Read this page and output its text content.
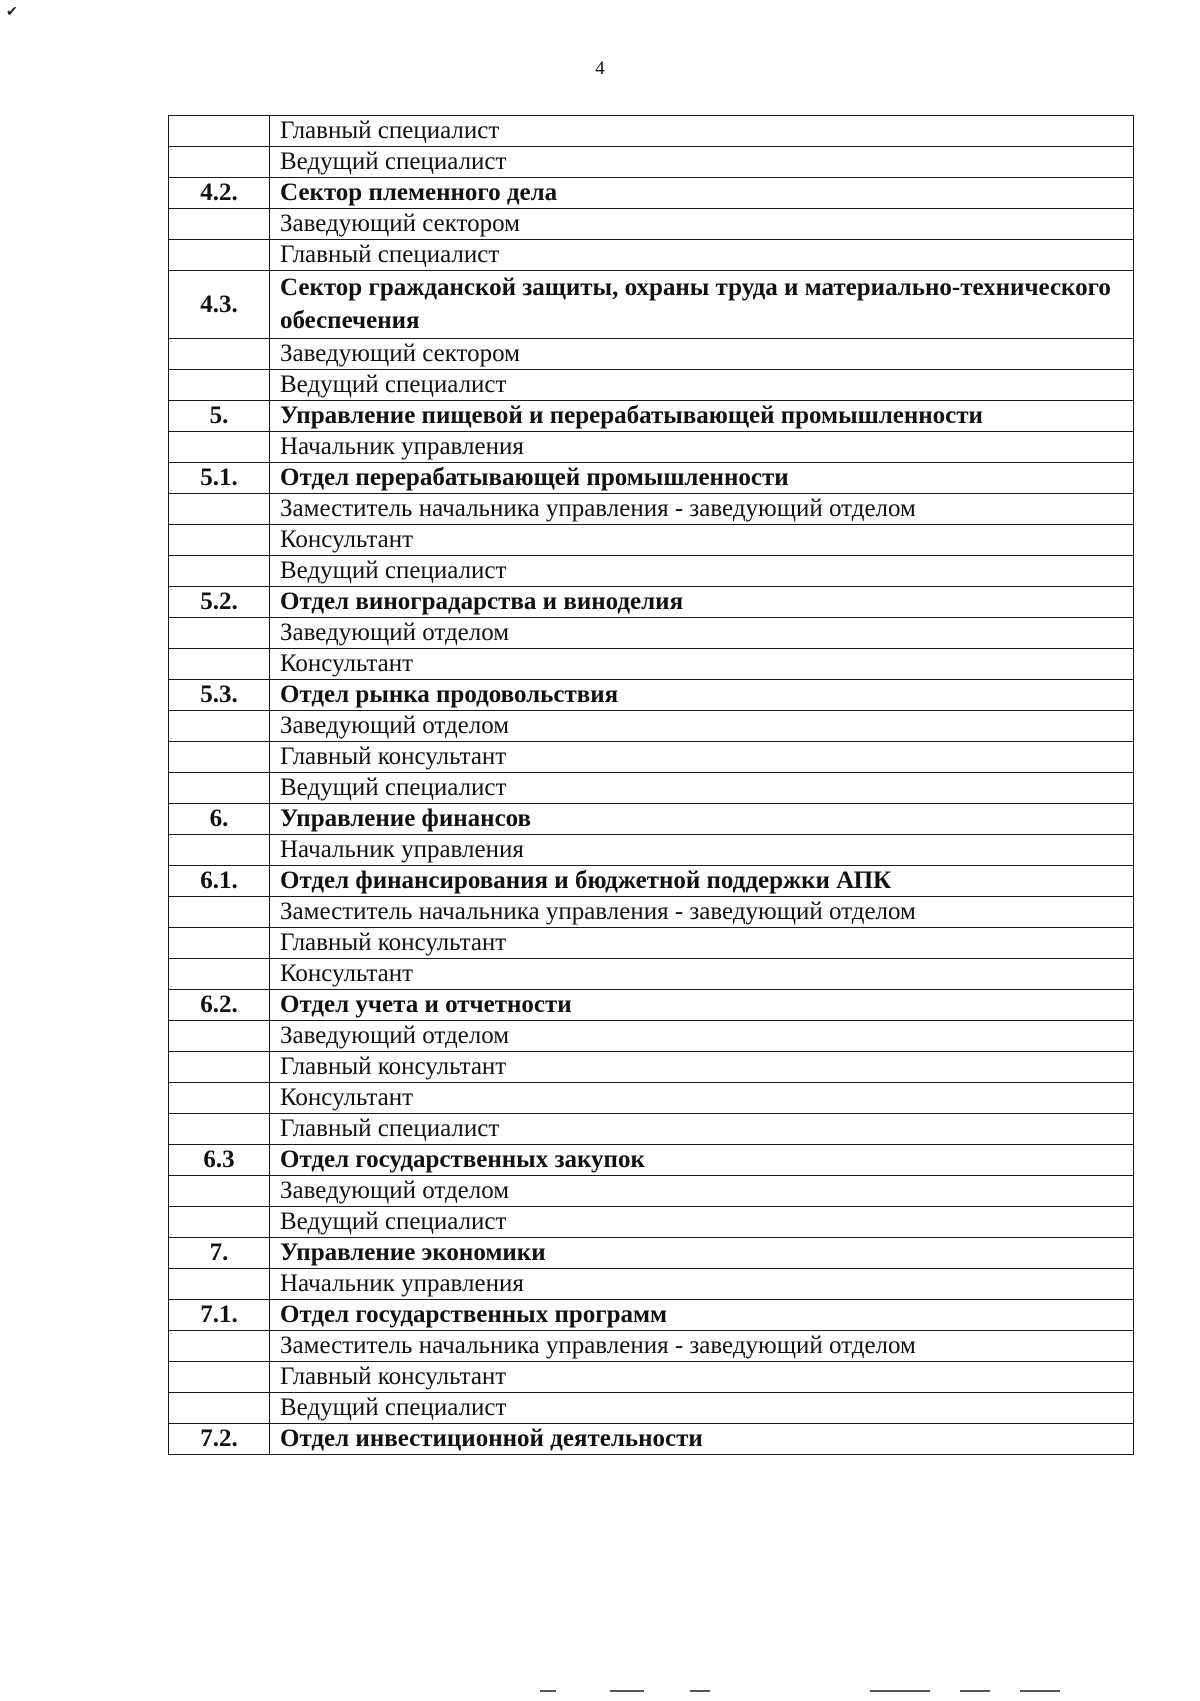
✔
4
	Главный специалист
	Ведущий специалист
4.2.	Сектор племенного дела
	Заведующий сектором
	Главный специалист
4.3.	Сектор гражданской защиты, охраны труда и материально-технического обеспечения
	Заведующий сектором
	Ведущий специалист
5.	Управление пищевой и перерабатывающей промышленности
	Начальник управления
5.1.	Отдел перерабатывающей промышленности
	Заместитель начальника управления - заведующий отделом
	Консультант
	Ведущий специалист
5.2.	Отдел виноградарства и виноделия
	Заведующий отделом
	Консультант
5.3.	Отдел рынка продовольствия
	Заведующий отделом
	Главный консультант
	Ведущий специалист
6.	Управление финансов
	Начальник управления
6.1.	Отдел финансирования и бюджетной поддержки АПК
	Заместитель начальника управления - заведующий отделом
	Главный консультант
	Консультант
6.2.	Отдел учета и отчетности
	Заведующий отделом
	Главный консультант
	Консультант
	Главный специалист
6.3	Отдел государственных закупок
	Заведующий отделом
	Ведущий специалист
7.	Управление экономики
	Начальник управления
7.1.	Отдел государственных программ
	Заместитель начальника управления - заведующий отделом
	Главный консультант
	Ведущий специалист
7.2.	Отдел инвестиционной деятельности
